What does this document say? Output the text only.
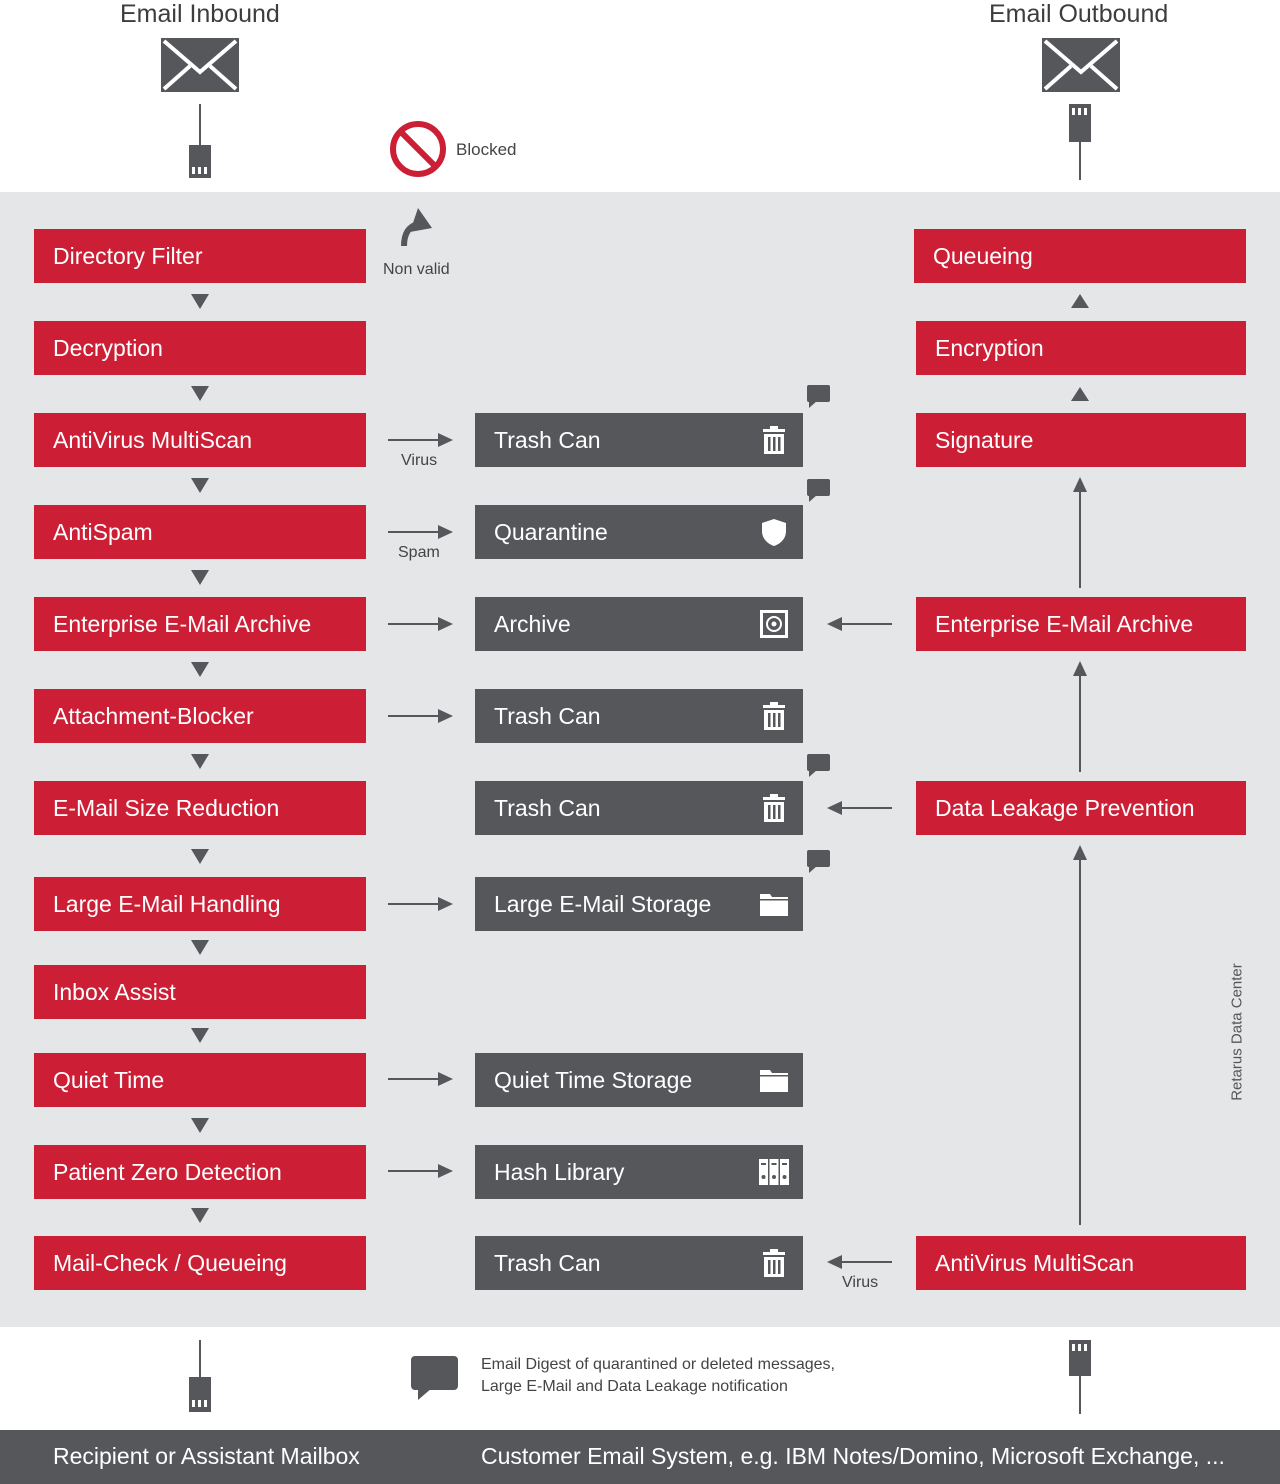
Email Inbound	Email Outbound
Blocked
Non valid
Directory Filter
Decryption
AntiVirus MultiScan
AntiSpam
Enterprise E-Mail Archive
Attachment-Blocker
E-Mail Size Reduction
Large E-Mail Handling
Inbox Assist
Quiet Time
Patient Zero Detection
Mail-Check / Queueing
Trash Can
Quarantine
Archive
Trash Can
Trash Can
Large E-Mail Storage
Quiet Time Storage
Hash Library
Trash Can
Queueing
Encryption
Signature
Enterprise E-Mail Archive
Data Leakage Prevention
AntiVirus MultiScan
Virus
Spam
Virus
Retarus Data Center
Email Digest of quarantined or deleted messages,
Large E-Mail and Data Leakage notification
Recipient or Assistant Mailbox	Customer Email System, e.g. IBM Notes/Domino, Microsoft Exchange, ...
